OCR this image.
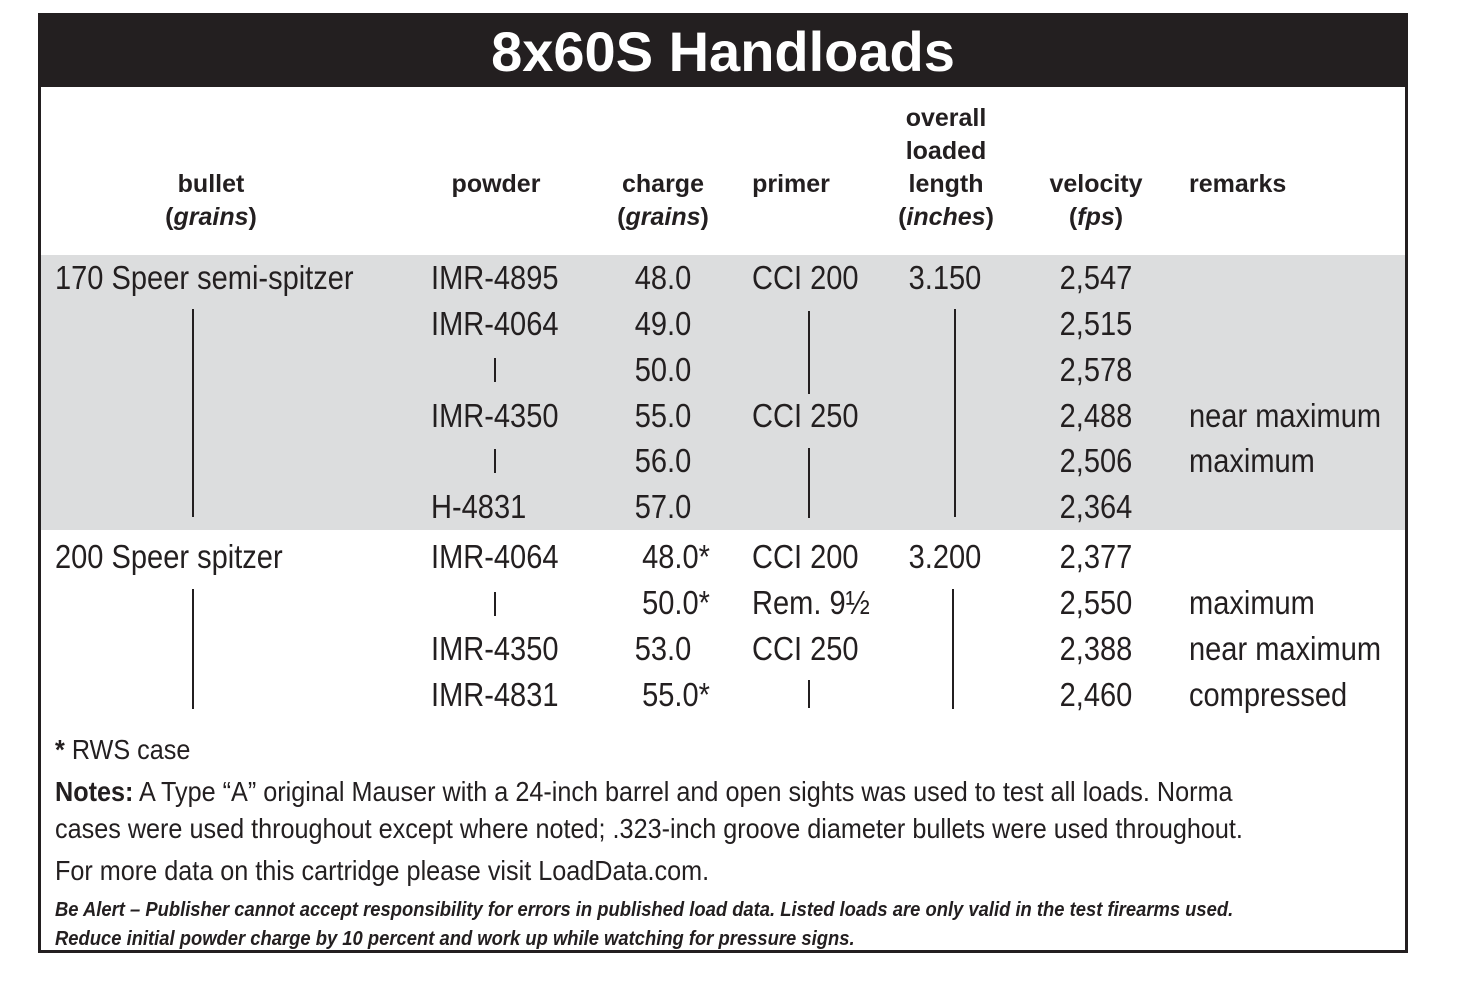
8x60S Handloads
bullet
(grains)
powder	charge
(grains)
primer
overall
loaded
length
(inches)
velocity
(fps)
remarks
170 Speer semi-spitzer IMR-4895
IMR-4064
IMR-4350
H-4831
48.0
49.0
50.0
55.0
56.0
57.0
CCI 200
CCI 250
3.150 2,547
2,515
2,578
2,488
2,506
2,364
near maximum
maximum
200 Speer spitzer	IMR-4064
IMR-4350
IMR-4831
48.0*
50.0*
53.0
55.0*
CCI 200
Rem. 9½
CCI 250
3.200 2,377
2,550
2,388
2,460
maximum
near maximum
compressed
* RWS case
Notes: A Type “A” original Mauser with a 24-inch barrel and open sights was used to test all loads. Norma
cases were used throughout except where noted; .323-inch groove diameter bullets were used throughout.
For more data on this cartridge please visit LoadData.com.
Be Alert – Publisher cannot accept responsibility for errors in published load data. Listed loads are only valid in the test firearms used.
Reduce initial powder charge by 10 percent and work up while watching for pressure signs.
